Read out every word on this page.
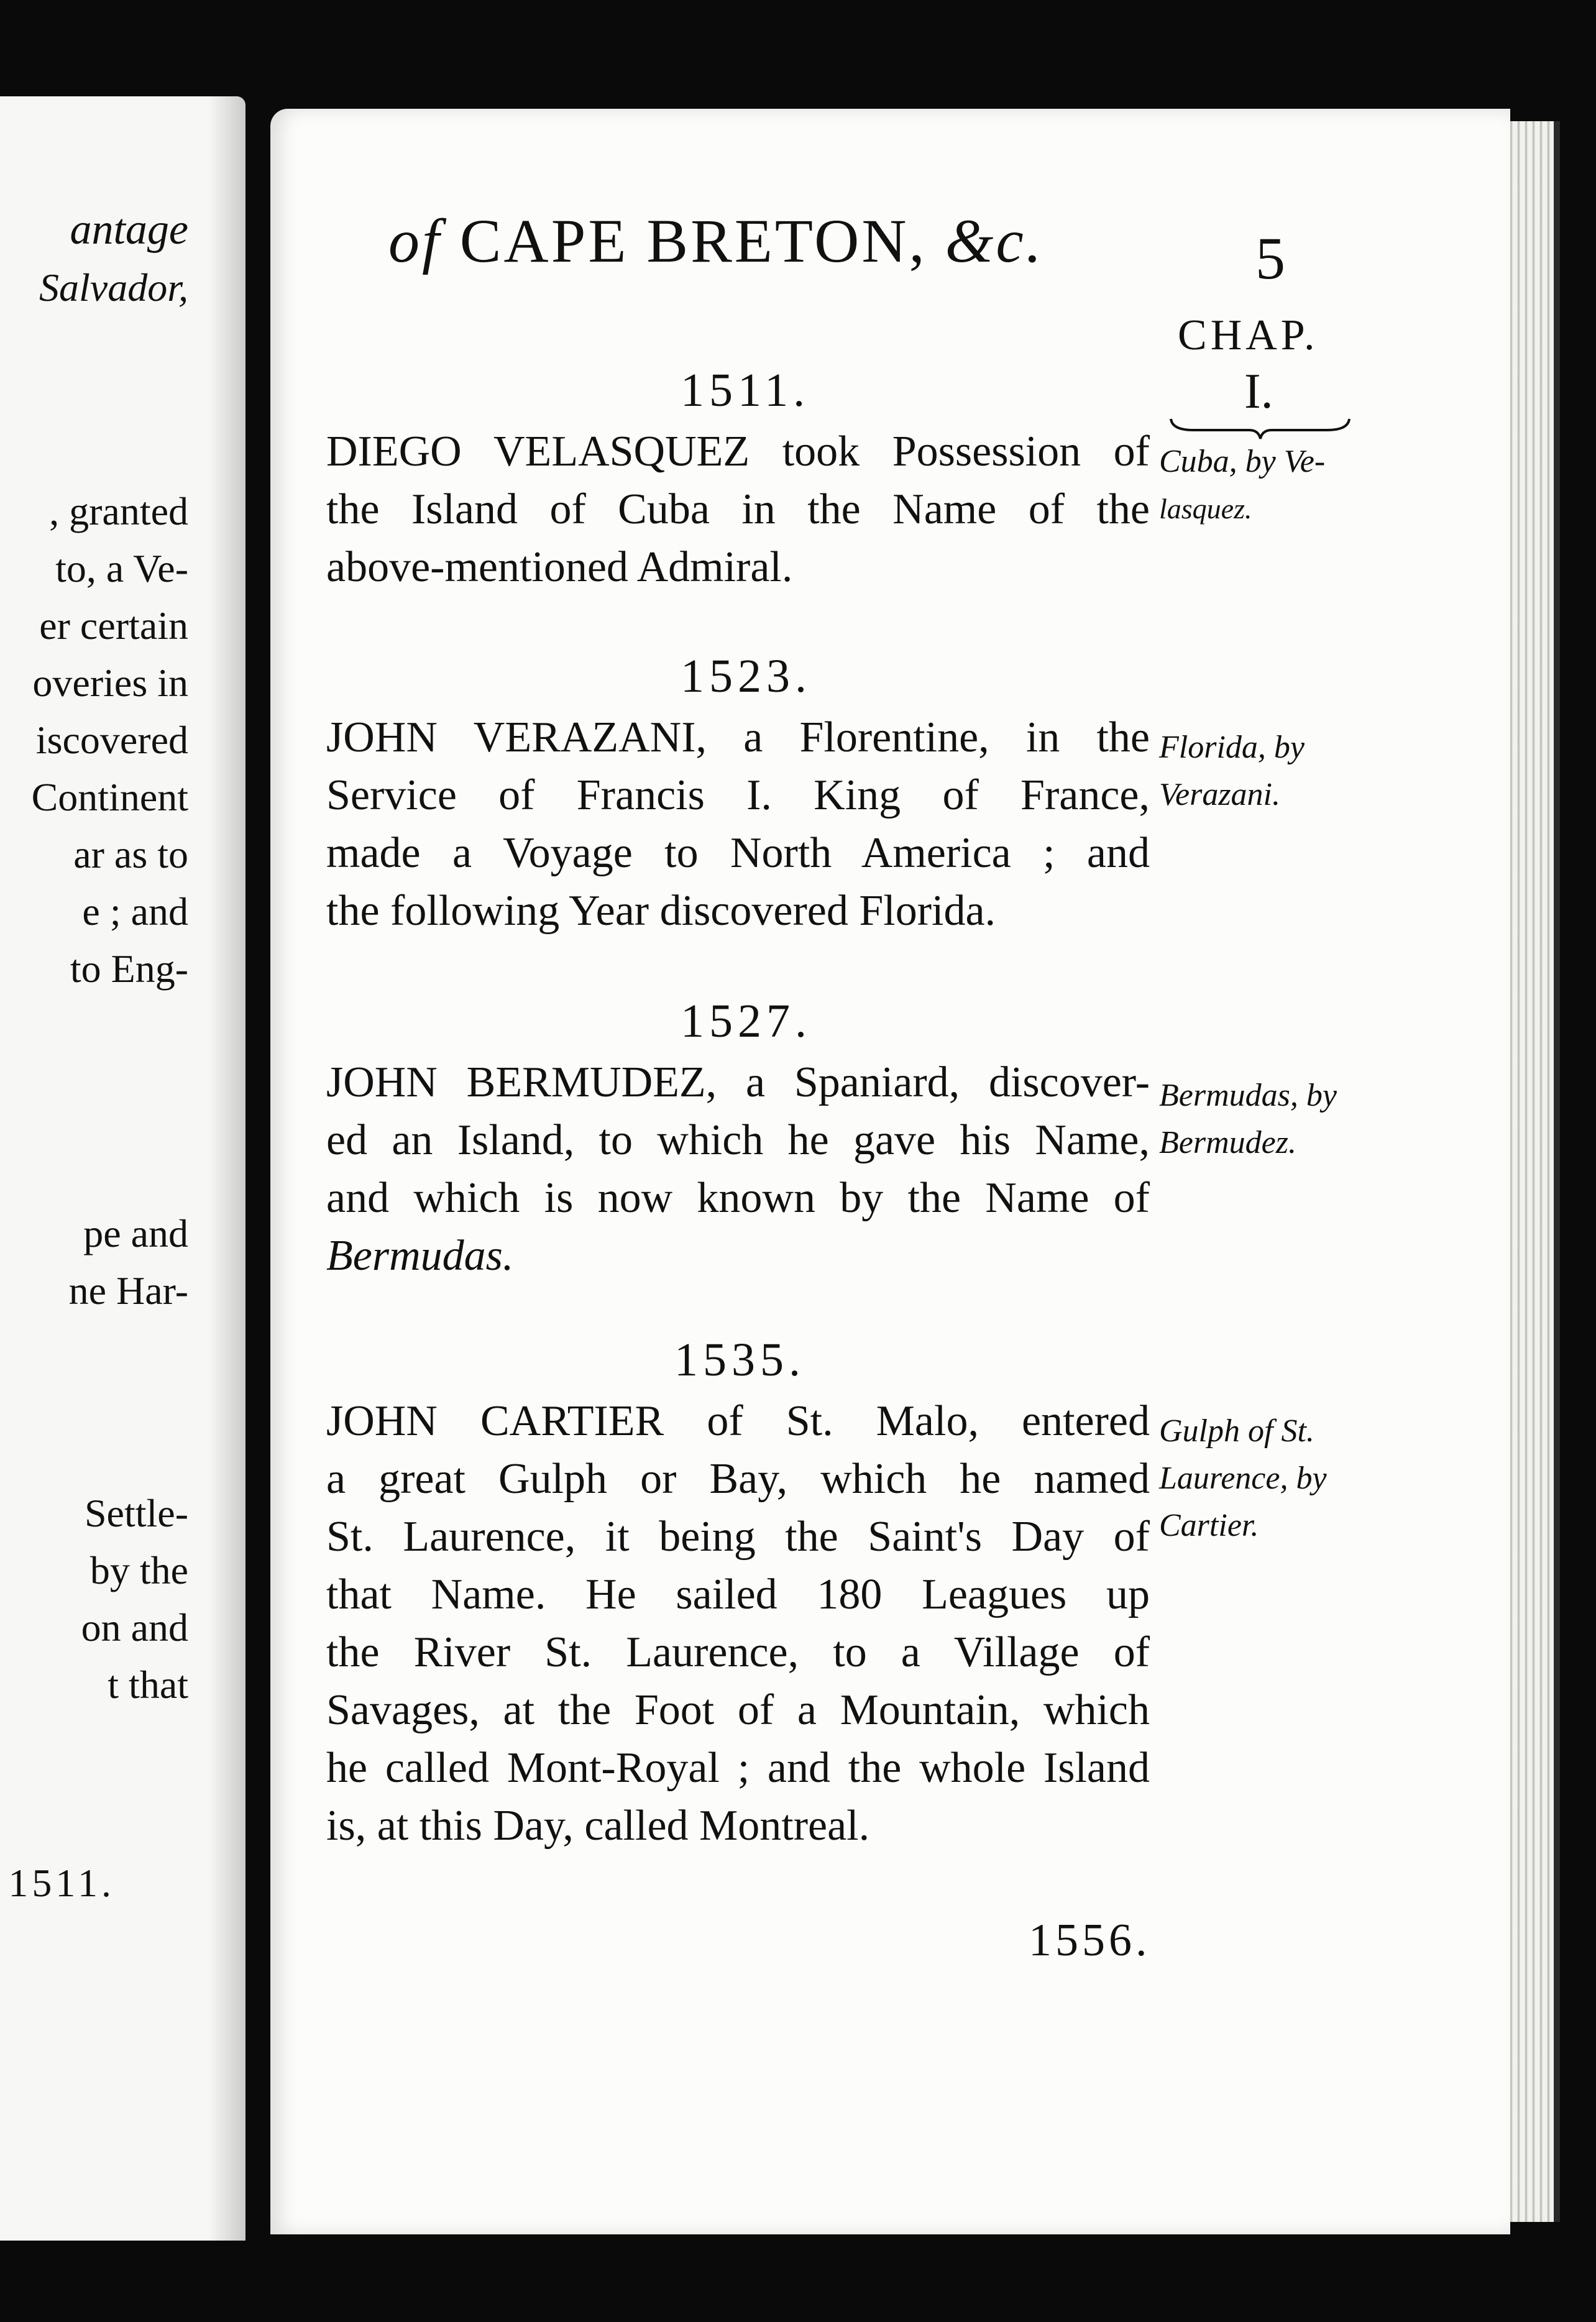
antage
Salvador,
, granted
to, a Ve-
er certain
overies in
iscovered
Continent
ar as to
e ; and
to Eng-
pe and
ne Har-
Settle-
by the
on and
t that
1511.
of CAPE BRETON, &c.	5
CHAP.
I.
1511.
DIEGO VELASQUEZ took Possession of
the Island of Cuba in the Name of the
above-mentioned Admiral.
Cuba, by Ve-
lasquez.
1523.
JOHN VERAZANI, a Florentine, in the
Service of Francis I. King of France,
made a Voyage to North America ; and
the following Year discovered Florida.
Florida, by
Verazani.
1527.
JOHN BERMUDEZ, a Spaniard, discover-
ed an Island, to which he gave his Name,
and which is now known by the Name of
Bermudas.
Bermudas, by
Bermudez.
1535.
JOHN CARTIER of St. Malo, entered
a great Gulph or Bay, which he named
St. Laurence, it being the Saint's Day of
that Name. He sailed 180 Leagues up
the River St. Laurence, to a Village of
Savages, at the Foot of a Mountain, which
he called Mont-Royal ; and the whole Island
is, at this Day, called Montreal.
Gulph of St.
Laurence, by
Cartier.
1556.
